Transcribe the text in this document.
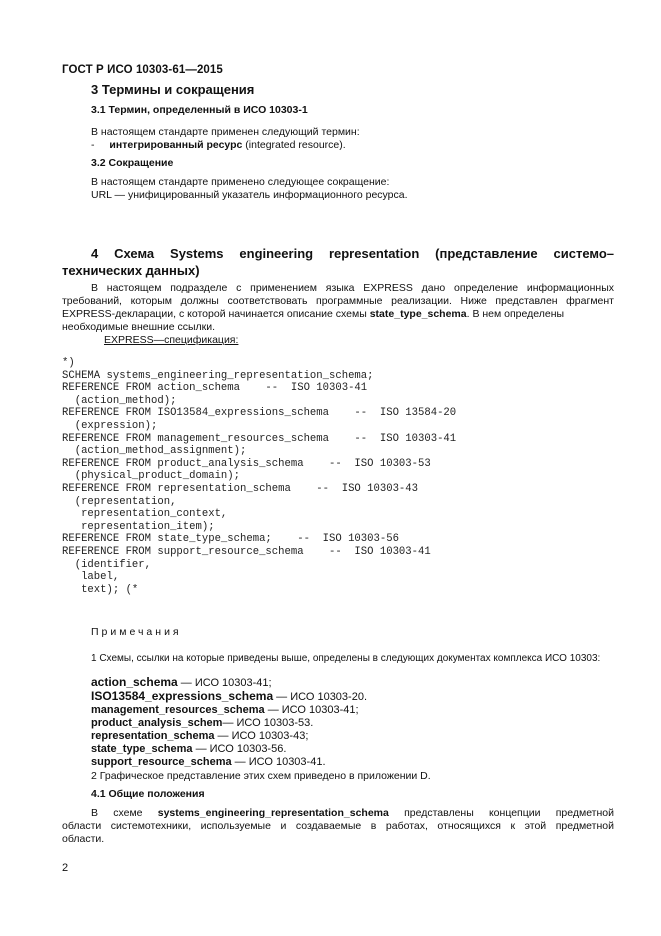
ГОСТ Р ИСО 10303-61—2015
3 Термины и сокращения
3.1 Термин, определенный в ИСО 10303-1
В настоящем стандарте применен следующий термин:
- интегрированный ресурс (integrated resource).
3.2 Сокращение
В настоящем стандарте применено следующее сокращение:
URL — унифицированный указатель информационного ресурса.
4 Схема Systems engineering representation (представление системо–
технических данных)
В настоящем подразделе с применением языка EXPRESS дано определение информационных
требований, которым должны соответствовать программные реализации. Ниже представлен фрагмент
EXPRESS-декларации, с которой начинается описание схемы state_type_schema. В нем определены
необходимые внешние ссылки.
EXPRESS—спецификация:
*)
SCHEMA systems_engineering_representation_schema;
REFERENCE FROM action_schema    --  ISO 10303-41
(action_method);
REFERENCE FROM ISO13584_expressions_schema    --  ISO 13584-20
(expression);
REFERENCE FROM management_resources_schema    --  ISO 10303-41
(action_method_assignment);
REFERENCE FROM product_analysis_schema    --  ISO 10303-53
(physical_product_domain);
REFERENCE FROM representation_schema    --  ISO 10303-43
(representation,
representation_context,
representation_item);
REFERENCE FROM state_type_schema;    --  ISO 10303-56
REFERENCE FROM support_resource_schema    --  ISO 10303-41
(identifier,
label,
text); (*
Примечания
1 Схемы, ссылки на которые приведены выше, определены в следующих документах комплекса ИСО 10303:
action_schema — ИСО 10303-41;
ISO13584_expressions_schema — ИСО 10303-20.
management_resources_schema — ИСО 10303-41;
product_analysis_schem— ИСО 10303-53.
representation_schema — ИСО 10303-43;
state_type_schema — ИСО 10303-56.
support_resource_schema — ИСО 10303-41.
2 Графическое представление этих схем приведено в приложении D.
4.1 Общие положения
В схеме systems_engineering_representation_schema представлены концепции предметной
области системотехники, используемые и создаваемые в работах, относящихся к этой предметной
области.
2
